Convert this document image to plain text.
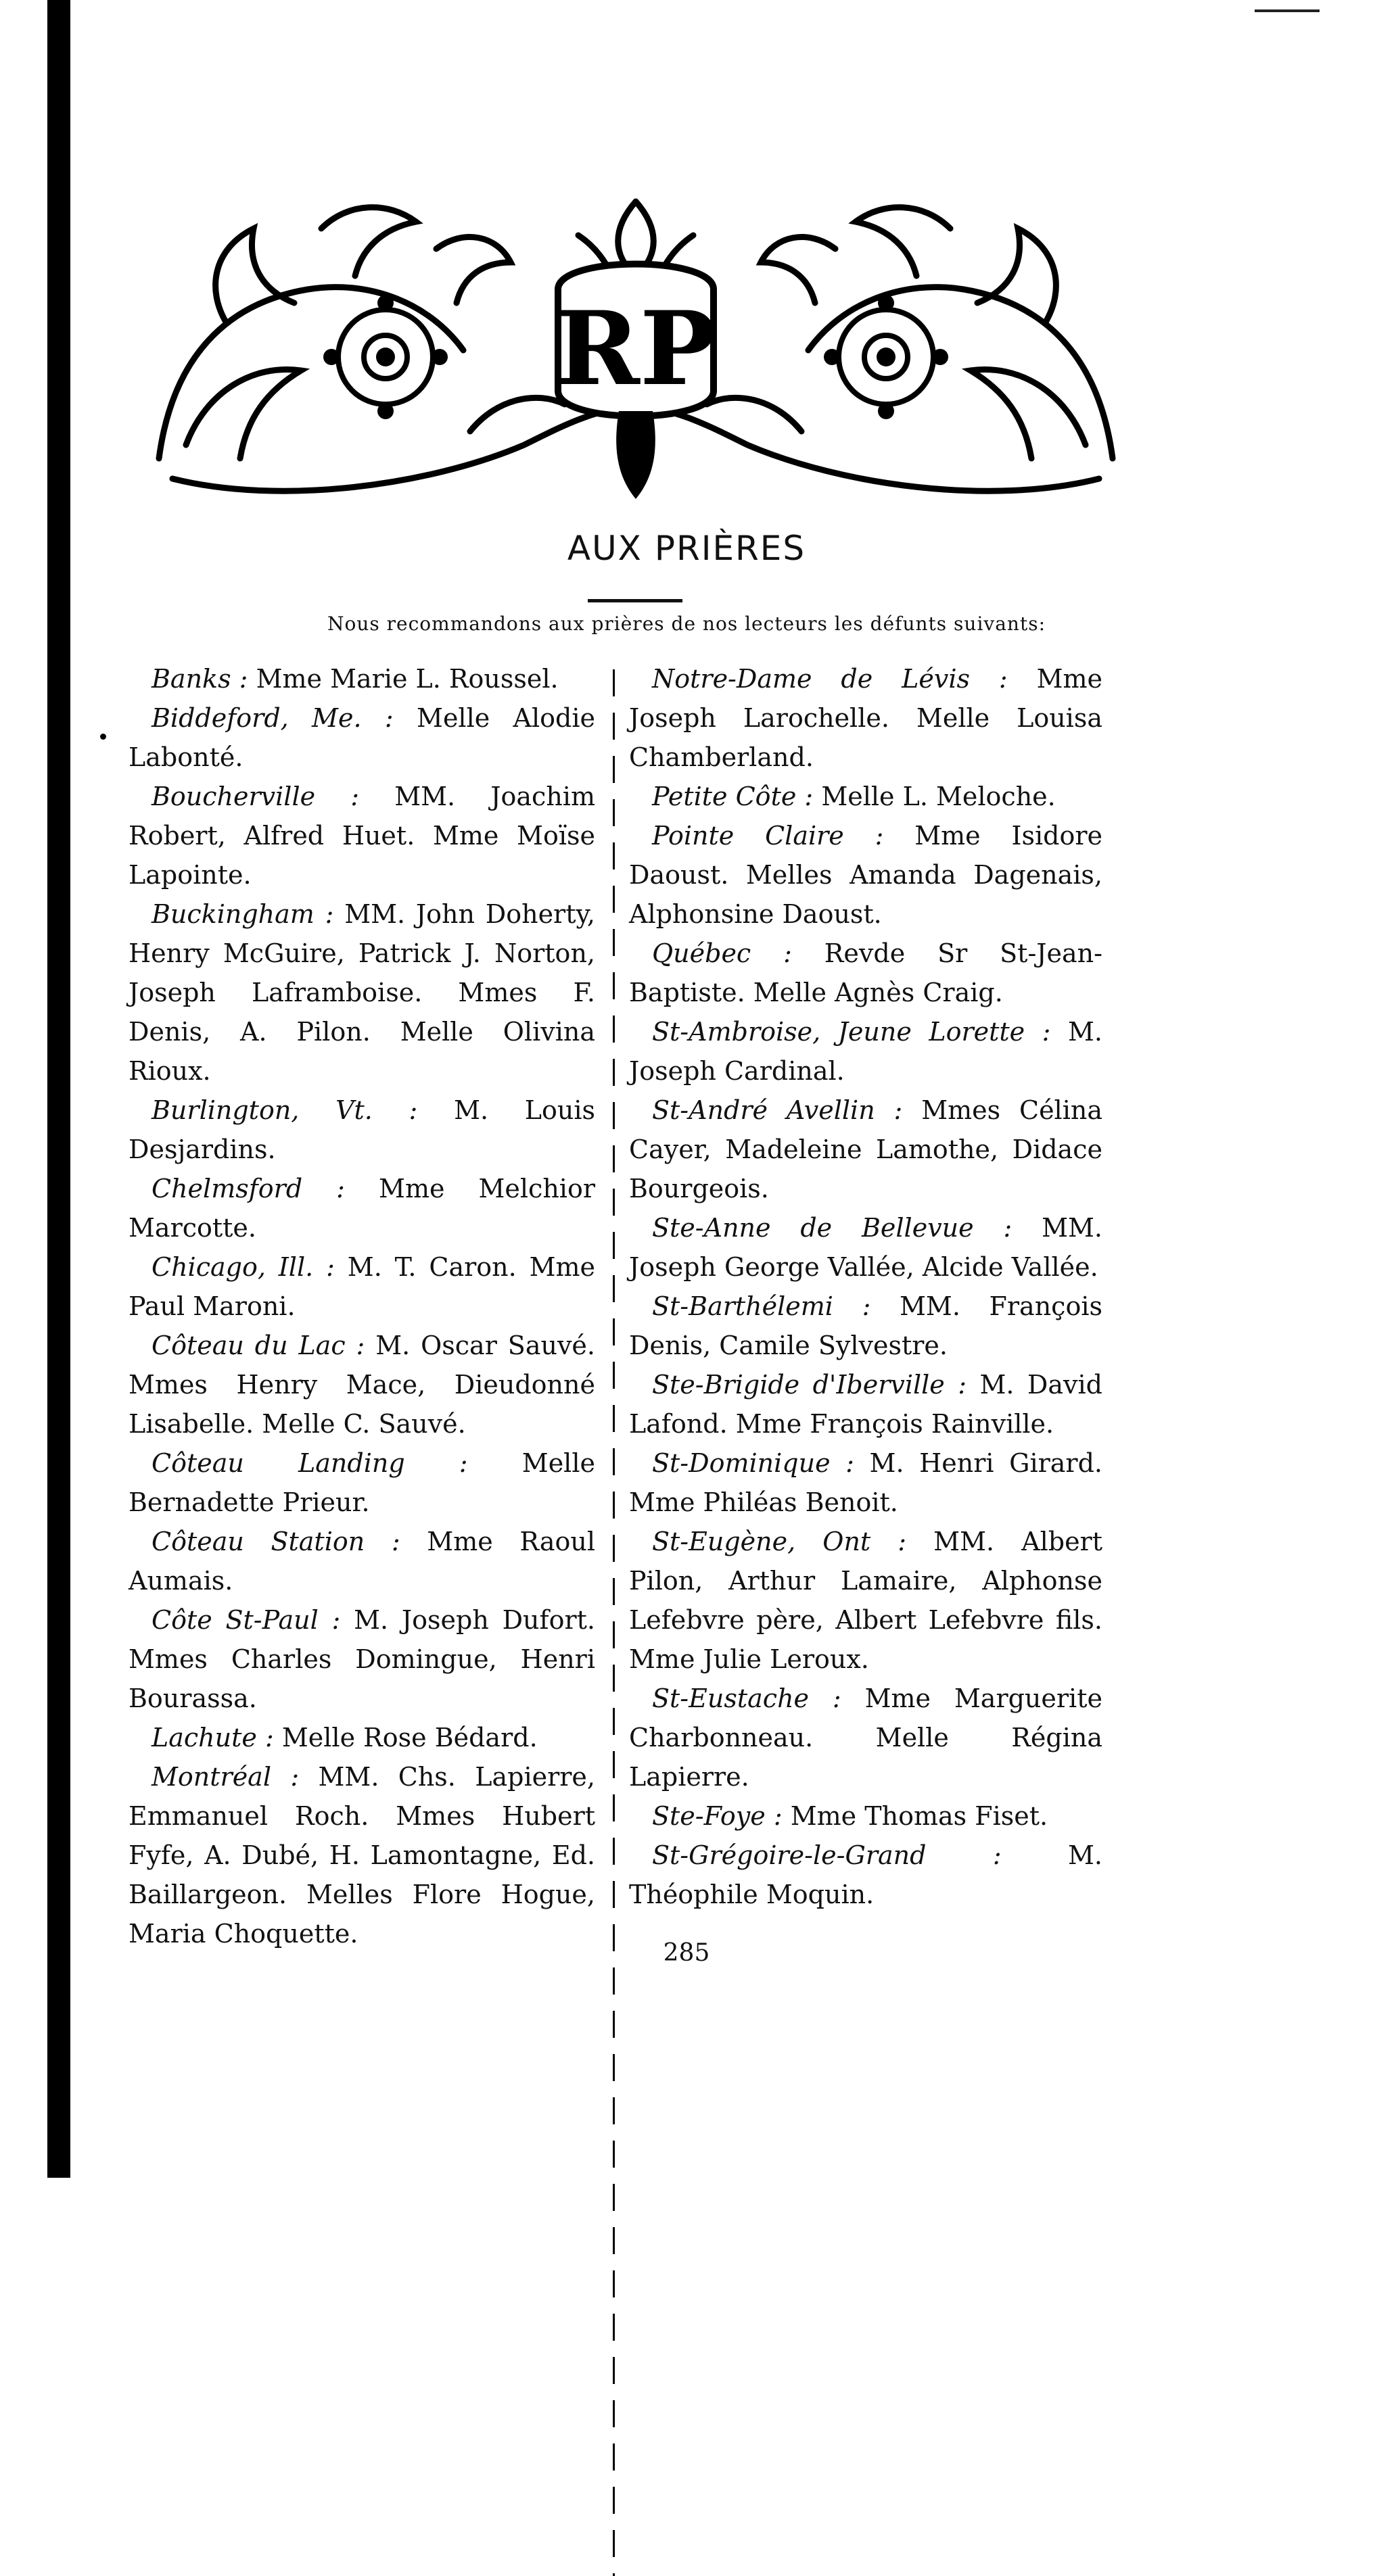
RP
AUX PRIÈRES
Nous recommandons aux prières de nos lecteurs les défunts suivants:

Banks : Mme Marie L. Roussel.

Biddeford, Me. : Melle Alodie Labonté.

Boucherville : MM. Joachim Robert, Alfred Huet. Mme Moïse Lapointe.

Buckingham : MM. John Doherty, Henry McGuire, Patrick J. Norton, Joseph Laframboise. Mmes F. Denis, A. Pilon. Melle Olivina Rioux.

Burlington, Vt. : M. Louis Desjardins.

Chelmsford : Mme Melchior Marcotte.

Chicago, Ill. : M. T. Caron. Mme Paul Maroni.

Côteau du Lac : M. Oscar Sauvé. Mmes Henry Mace, Dieudonné Lisabelle. Melle C. Sauvé.

Côteau Landing : Melle Bernadette Prieur.

Côteau Station : Mme Raoul Aumais.

Côte St-Paul : M. Joseph Dufort. Mmes Charles Domingue, Henri Bourassa.

Lachute : Melle Rose Bédard.

Montréal : MM. Chs. Lapierre, Emmanuel Roch. Mmes Hubert Fyfe, A. Dubé, H. Lamontagne, Ed. Baillargeon. Melles Flore Hogue, Maria Choquette.

Notre-Dame de Lévis : Mme Joseph Larochelle. Melle Louisa Chamberland.

Petite Côte : Melle L. Meloche.

Pointe Claire : Mme Isidore Daoust. Melles Amanda Dagenais, Alphonsine Daoust.

Québec : Revde Sr St-Jean-Baptiste. Melle Agnès Craig.

St-Ambroise, Jeune Lorette : M. Joseph Cardinal.

St-André Avellin : Mmes Célina Cayer, Madeleine Lamothe, Didace Bourgeois.

Ste-Anne de Bellevue : MM. Joseph George Vallée, Alcide Vallée.

St-Barthélemi : MM. François Denis, Camile Sylvestre.

Ste-Brigide d'Iberville : M. David Lafond. Mme François Rainville.

St-Dominique : M. Henri Girard. Mme Philéas Benoit.

St-Eugène, Ont : MM. Albert Pilon, Arthur Lamaire, Alphonse Lefebvre père, Albert Lefebvre fils. Mme Julie Leroux.

St-Eustache : Mme Marguerite Charbonneau. Melle Régina Lapierre.

Ste-Foye : Mme Thomas Fiset.

St-Grégoire-le-Grand :	M. Théophile Moquin.

285
